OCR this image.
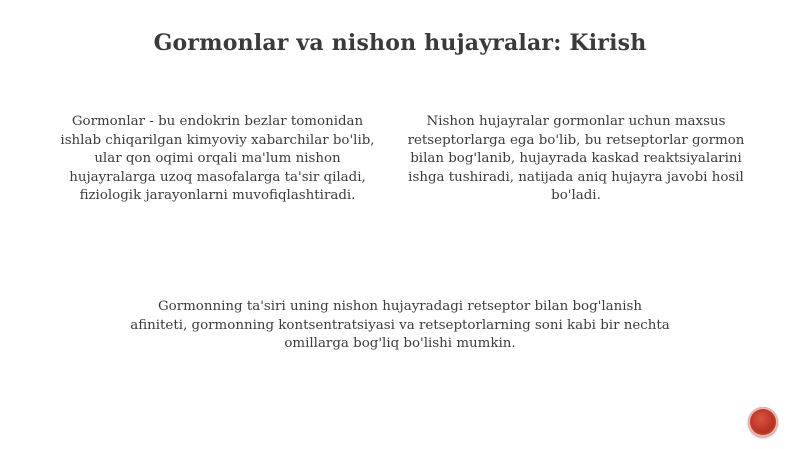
Gormonlar va nishon hujayralar: Kirish
Gormonlar - bu endokrin bezlar tomonidan ishlab chiqarilgan kimyoviy xabarchilar bo'lib, ular qon oqimi orqali ma'lum nishon hujayralarga uzoq masofalarga ta'sir qiladi, fiziologik jarayonlarni muvofiqlashtiradi.
Nishon hujayralar gormonlar uchun maxsus retseptorlarga ega bo'lib, bu retseptorlar gormon bilan bog'lanib, hujayrada kaskad reaktsiyalarini ishga tushiradi, natijada aniq hujayra javobi hosil bo'ladi.
Gormonning ta'siri uning nishon hujayradagi retseptor bilan bog'lanish afiniteti, gormonning kontsentratsiyasi va retseptorlarning soni kabi bir nechta omillarga bog'liq bo'lishi mumkin.
